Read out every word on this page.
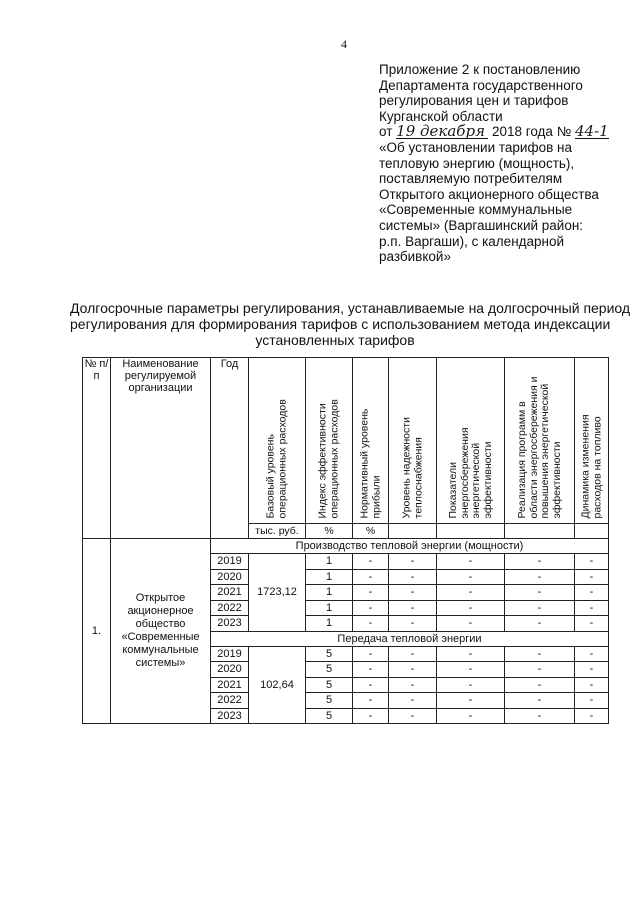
4
Приложение 2 к постановлению
Департамента государственного
регулирования цен и тарифов
Курганской области
от 19 декабря 2018 года № 44-1
«Об установлении тарифов на
тепловую энергию (мощность),
поставляемую потребителям
Открытого акционерного общества
«Современные коммунальные
системы» (Варгашинский район:
р.п. Варгаши), с календарной
разбивкой»
Долгосрочные параметры регулирования, устанавливаемые на долгосрочный период
регулирования для формирования тарифов с использованием метода индексации
установленных тарифов
№ п/п	Наименование регулируемой организации	Год	Базовый уровень операционных расходов	Индекс эффективности операционных расходов	Нормативный уровень прибыли	Уровень надежности теплоснабжения	Показатели энергосбережения энергетической эффективности	Реализация программ в области энергосбережения и повышения энергетической эффективности	Динамика изменения расходов на топливо

			тыс. руб.	%	%				
1.	Открытое акционерное общество «Современные коммунальные системы»	Производство тепловой энергии (мощности)							
		2019	1723,12	1	-	-	-	-	-
		2020		1	-	-	-	-	-
		2021		1	-	-	-	-	-
		2022		1	-	-	-	-	-
		2023		1	-	-	-	-	-
		Передача тепловой энергии							
		2019	102,64	5	-	-	-	-	-
		2020		5	-	-	-	-	-
		2021		5	-	-	-	-	-
		2022		5	-	-	-	-	-
		2023		5	-	-	-	-	-
